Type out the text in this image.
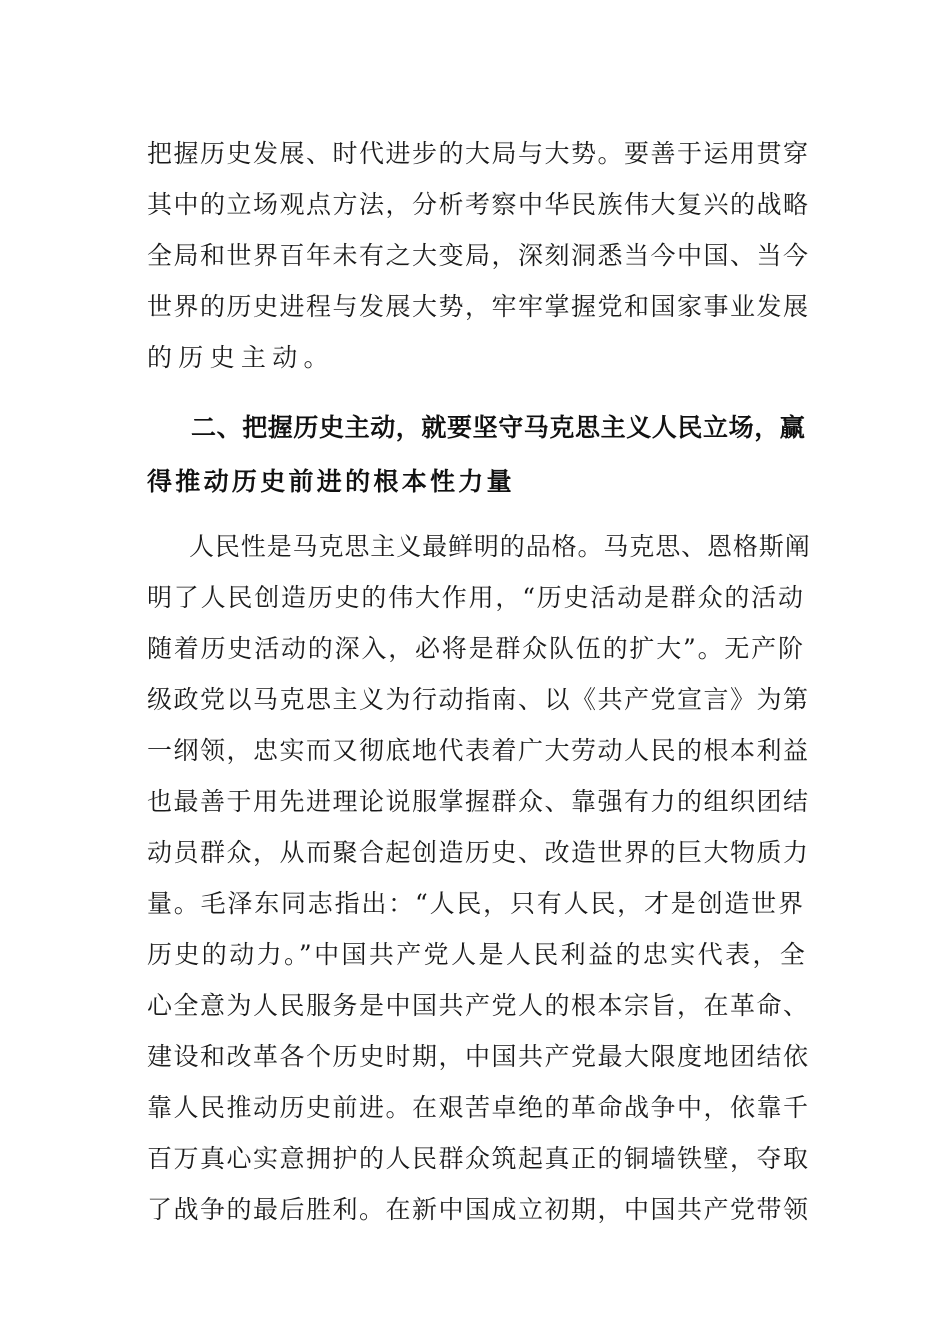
把握历史发展、时代进步的大局与大势。要善于运用贯穿
其中的立场观点方法，分析考察中华民族伟大复兴的战略
全局和世界百年未有之大变局，深刻洞悉当今中国、当今
世界的历史进程与发展大势，牢牢掌握党和国家事业发展
的历史主动。
二、把握历史主动，就要坚守马克思主义人民立场，赢
得推动历史前进的根本性力量
人民性是马克思主义最鲜明的品格。马克思、恩格斯阐
明了人民创造历史的伟大作用，“历史活动是群众的活动
随着历史活动的深入，必将是群众队伍的扩大”。无产阶
级政党以马克思主义为行动指南、以《共产党宣言》为第
一纲领，忠实而又彻底地代表着广大劳动人民的根本利益
也最善于用先进理论说服掌握群众、靠强有力的组织团结
动员群众，从而聚合起创造历史、改造世界的巨大物质力
量。毛泽东同志指出：“人民，只有人民，才是创造世界
历史的动力。”中国共产党人是人民利益的忠实代表，全
心全意为人民服务是中国共产党人的根本宗旨，在革命、
建设和改革各个历史时期，中国共产党最大限度地团结依
靠人民推动历史前进。在艰苦卓绝的革命战争中，依靠千
百万真心实意拥护的人民群众筑起真正的铜墙铁壁，夺取
了战争的最后胜利。在新中国成立初期，中国共产党带领
